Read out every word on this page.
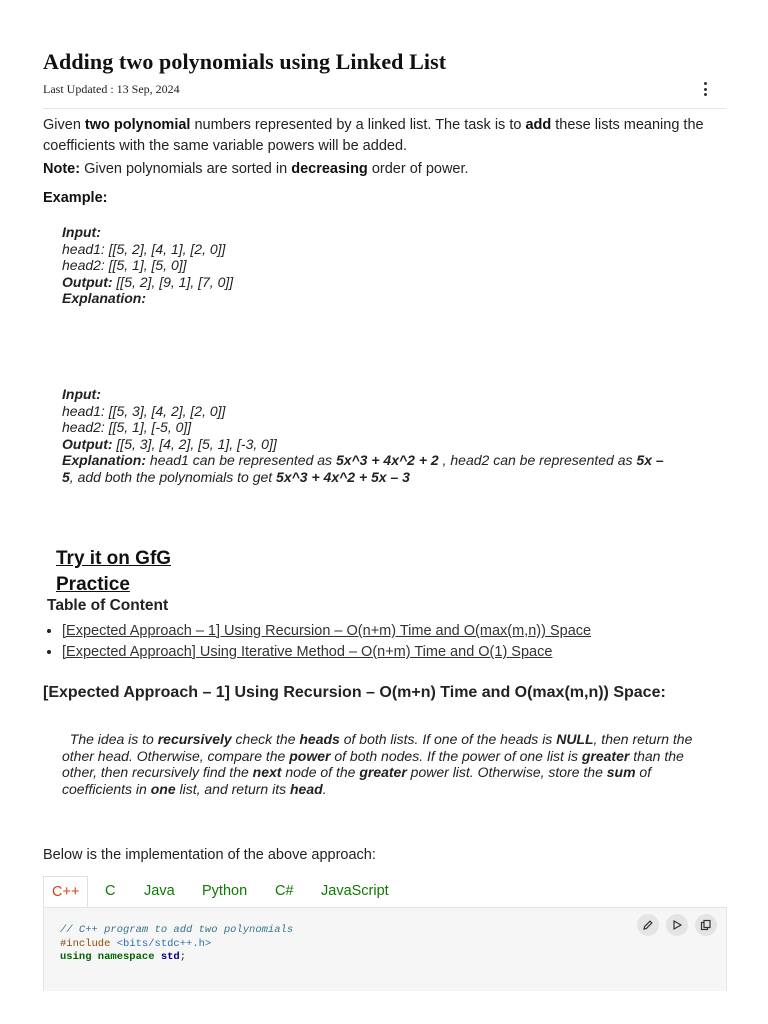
Adding two polynomials using Linked List
Last Updated : 13 Sep, 2024
Given two polynomial numbers represented by a linked list. The task is to add these lists meaning the coefficients with the same variable powers will be added.
Note: Given polynomials are sorted in decreasing order of power.
Example:
Input:
head1: [[5, 2], [4, 1], [2, 0]]
head2: [[5, 1], [5, 0]]
Output: [[5, 2], [9, 1], [7, 0]]
Explanation:
Input:
head1: [[5, 3], [4, 2], [2, 0]]
head2: [[5, 1], [-5, 0]]
Output: [[5, 3], [4, 2], [5, 1], [-3, 0]]
Explanation: head1 can be represented as 5x^3 + 4x^2 + 2 , head2 can be represented as 5x –
5, add both the polynomials to get 5x^3 + 4x^2 + 5x – 3
Try it on GfG
Practice
Table of Content
• [Expected Approach – 1] Using Recursion – O(n+m) Time and O(max(m,n)) Space
• [Expected Approach] Using Iterative Method – O(n+m) Time and O(1) Space
[Expected Approach – 1] Using Recursion – O(m+n) Time and O(max(m,n)) Space:
The idea is to recursively check the heads of both lists. If one of the heads is NULL, then return the other head. Otherwise, compare the power of both nodes. If the power of one list is greater than the other, then recursively find the next node of the greater power list. Otherwise, store the sum of coefficients in one list, and return its head.
Below is the implementation of the above approach:
C++	C	Java	Python	C#	JavaScript
// C++ program to add two polynomials
#include <bits/stdc++.h>
using namespace std;
